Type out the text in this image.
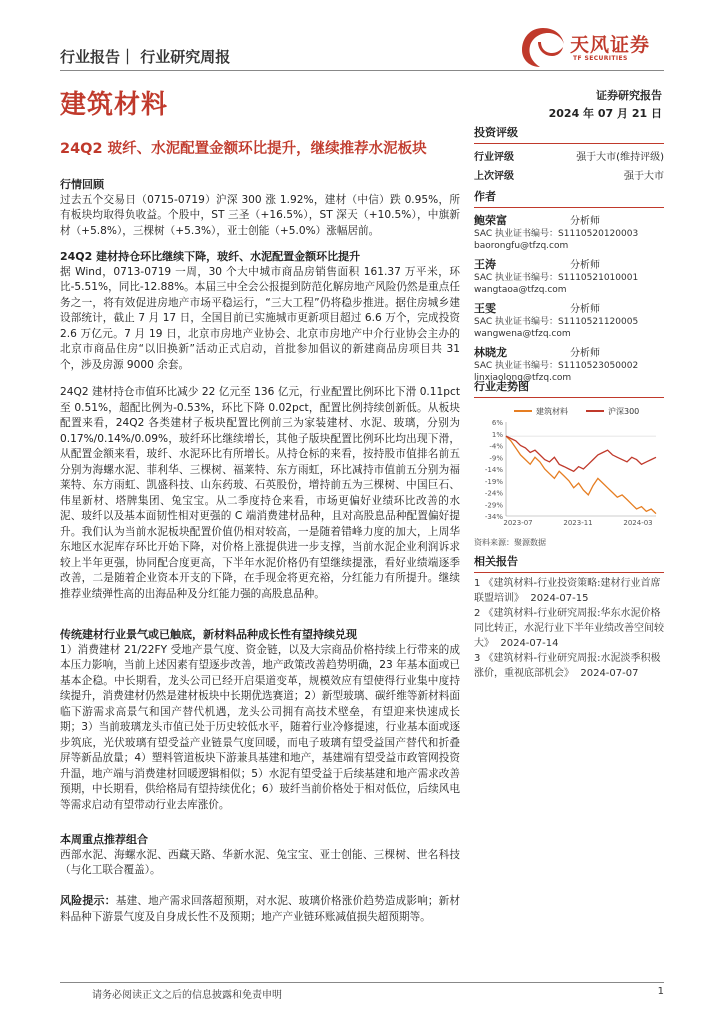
行业报告｜ 行业研究周报
天风证券
TF SECURITIES
建筑材料	证券研究报告
2024 年 07 月 21 日
24Q2 玻纤、水泥配置金额环比提升，继续推荐水泥板块
行情回顾
过去五个交易日（0715-0719）沪深 300 涨 1.92%，建材（中信）跌 0.95%，所有板块均取得负收益。个股中，ST 三圣（+16.5%），ST 深天（+10.5%），中旗新材（+5.8%），三棵树（+5.3%），亚士创能（+5.0%）涨幅居前。
24Q2 建材持仓环比继续下降，玻纤、水泥配置金额环比提升
据 Wind，0713-0719 一周，30 个大中城市商品房销售面积 161.37 万平米，环比-5.51%，同比-12.88%。本届三中全会公报提到防范化解房地产风险仍然是重点任务之一，将有效促进房地产市场平稳运行，“三大工程”仍将稳步推进。据住房城乡建设部统计，截止 7 月 17 日，全国目前已实施城市更新项目超过 6.6 万个，完成投资 2.6 万亿元。7 月 19 日，北京市房地产业协会、北京市房地产中介行业协会主办的北京市商品住房“以旧换新”活动正式启动，首批参加倡议的新建商品房项目共 31 个，涉及房源 9000 余套。
24Q2 建材持仓市值环比减少 22 亿元至 136 亿元，行业配置比例环比下滑 0.11pct 至 0.51%，超配比例为-0.53%，环比下降 0.02pct，配置比例持续创新低。从板块配置来看，24Q2 各类建材子板块配置比例前三为家装建材、水泥、玻璃，分别为 0.17%/0.14%/0.09%，玻纤环比继续增长，其他子版块配置比例环比均出现下滑，从配置金额来看，玻纤、水泥环比有所增长。从持仓标的来看，按持股市值排名前五分别为海螺水泥、菲利华、三棵树、福莱特、东方雨虹，环比减持市值前五分别为福莱特、东方雨虹、凯盛科技、山东药玻、石英股份，增持前五为三棵树、中国巨石、伟星新材、塔牌集团、兔宝宝。从二季度持仓来看，市场更偏好业绩环比改善的水泥、玻纤以及基本面韧性相对更强的 C 端消费建材品种，且对高股息品种配置偏好提升。我们认为当前水泥板块配置价值仍相对较高，一是随着错峰力度的加大，上周华东地区水泥库存环比开始下降，对价格上涨提供进一步支撑，当前水泥企业利润诉求较上半年更强，协同配合度更高，下半年水泥价格仍有望继续提涨，看好业绩端逐季改善，二是随着企业资本开支的下降，在手现金将更充裕，分红能力有所提升。继续推荐业绩弹性高的出海品种及分红能力强的高股息品种。
传统建材行业景气或已触底，新材料品种成长性有望持续兑现
1）消费建材 21/22FY 受地产景气度、资金链，以及大宗商品价格持续上行带来的成本压力影响，当前上述因素有望逐步改善，地产政策改善趋势明确，23 年基本面或已基本企稳。中长期看，龙头公司已经开启渠道变革，规模效应有望使得行业集中度持续提升，消费建材仍然是建材板块中长期优选赛道；2）新型玻璃、碳纤维等新材料面临下游需求高景气和国产替代机遇，龙头公司拥有高技术壁垒，有望迎来快速成长期；3）当前玻璃龙头市值已处于历史较低水平，随着行业冷修提速，行业基本面或逐步筑底，光伏玻璃有望受益产业链景气度回暖，而电子玻璃有望受益国产替代和折叠屏等新品放量；4）塑料管道板块下游兼具基建和地产，基建端有望受益市政管网投资升温，地产端与消费建材回暖逻辑相似；5）水泥有望受益于后续基建和地产需求改善预期，中长期看，供给格局有望持续优化；6）玻纤当前价格处于相对低位，后续风电等需求启动有望带动行业去库涨价。
本周重点推荐组合
西部水泥、海螺水泥、西藏天路、华新水泥、兔宝宝、亚士创能、三棵树、世名科技（与化工联合覆盖）。
风险提示：基建、地产需求回落超预期，对水泥、玻璃价格涨价趋势造成影响；新材料品种下游景气度及自身成长性不及预期；地产产业链环账减值损失超预期等。
投资评级
行业评级	强于大市(维持评级)
上次评级	强于大市
作者
鲍荣富	分析师
SAC 执业证书编号：S1110520120003
baorongfu@tfzq.com
王涛	分析师
SAC 执业证书编号：S1110521010001
wangtaoa@tfzq.com
王雯	分析师
SAC 执业证书编号：S1110521120005
wangwena@tfzq.com
林晓龙	分析师
SAC 执业证书编号：S1110523050002
linxiaolong@tfzq.com
行业走势图
建筑材料	沪深300
6%
1%
-4%
-9%
-14%
-19%
-24%
-29%
-34%
2023-07	2023-11	2024-03
资料来源：聚源数据
相关报告
1 《建筑材料-行业投资策略:建材行业首席联盟培训》 2024-07-15
2 《建筑材料-行业研究周报:华东水泥价格同比转正，水泥行业下半年业绩改善空间较大》 2024-07-14
3 《建筑材料-行业研究周报:水泥淡季积极涨价，重视底部机会》 2024-07-07
请务必阅读正文之后的信息披露和免责申明	1
